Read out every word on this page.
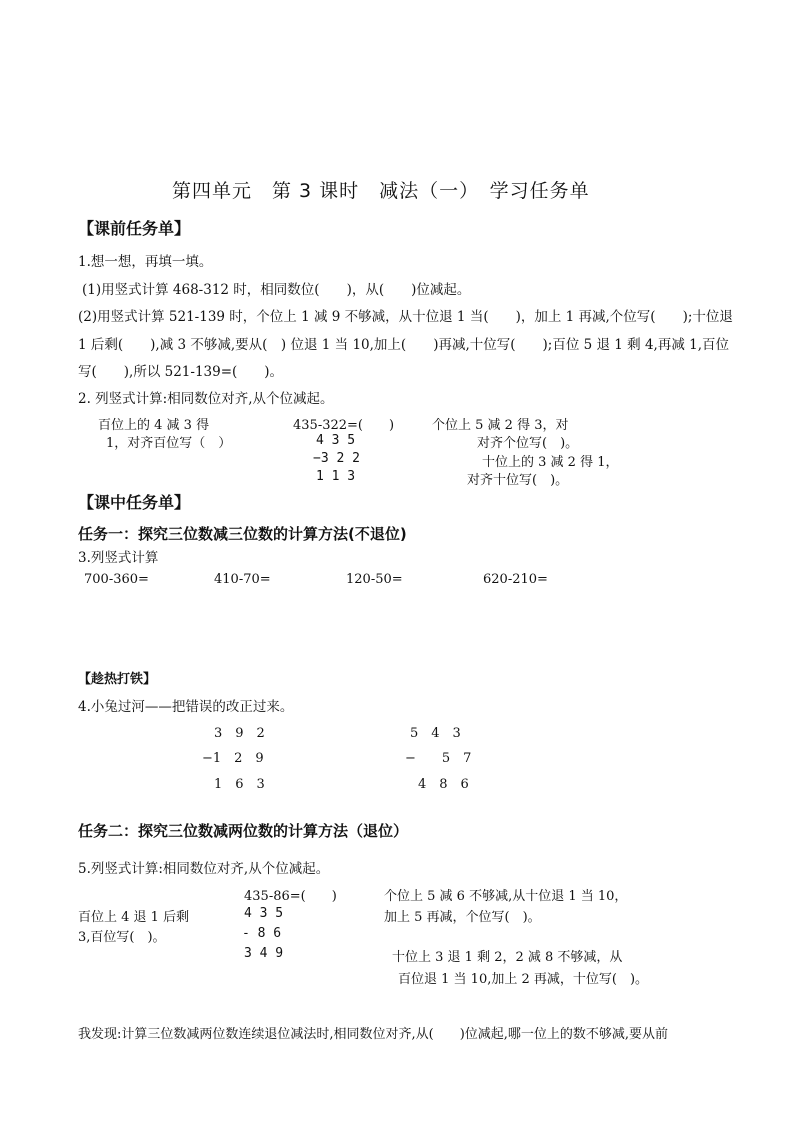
第四单元　第 3 课时　减法（一）　学习任务单
【课前任务单】
1.想一想，再填一填。
(1)用竖式计算 468-312 时，相同数位(　　)，从(　　)位减起。
(2)用竖式计算 521-139 时，个位上 1 减 9 不够减，从十位退 1 当(　　)，加上 1 再减,个位写(　　);十位退
1 后剩(　　),减 3 不够减,要从(　) 位退 1 当 10,加上(　　)再减,十位写(　　);百位 5 退 1 剩 4,再减 1,百位
写(　　),所以 521-139=(　　)。
2. 列竖式计算:相同数位对齐,从个位减起。
百位上的 4 减 3 得
1，对齐百位写（　）
435-322=(　　)
4 3 5
−3 2 2
1 1 3
个位上 5 减 2 得 3，对
对齐个位写(　)。
十位上的 3 减 2 得 1，
对齐十位写(　)。
【课中任务单】
任务一：探究三位数减三位数的计算方法(不退位)
3.列竖式计算
700-360=	410-70=	120-50=	620-210=
【趁热打铁】
4.小兔过河——把错误的改正过来。
3　9　2
−1　2　9
1　6　3
5　4　3
−　　5　7
4　8　6
任务二：探究三位数减两位数的计算方法（退位）
5.列竖式计算:相同数位对齐,从个位减起。
435-86=(　　)
4 3 5
- 8 6
3 4 9
百位上 4 退 1 后剩
3,百位写(　)。
个位上 5 减 6 不够减,从十位退 1 当 10，
加上 5 再减，个位写(　)。
十位上 3 退 1 剩 2，2 减 8 不够减，从
百位退 1 当 10,加上 2 再减，十位写(　)。
我发现:计算三位数减两位数连续退位减法时,相同数位对齐,从(　　)位减起,哪一位上的数不够减,要从前
